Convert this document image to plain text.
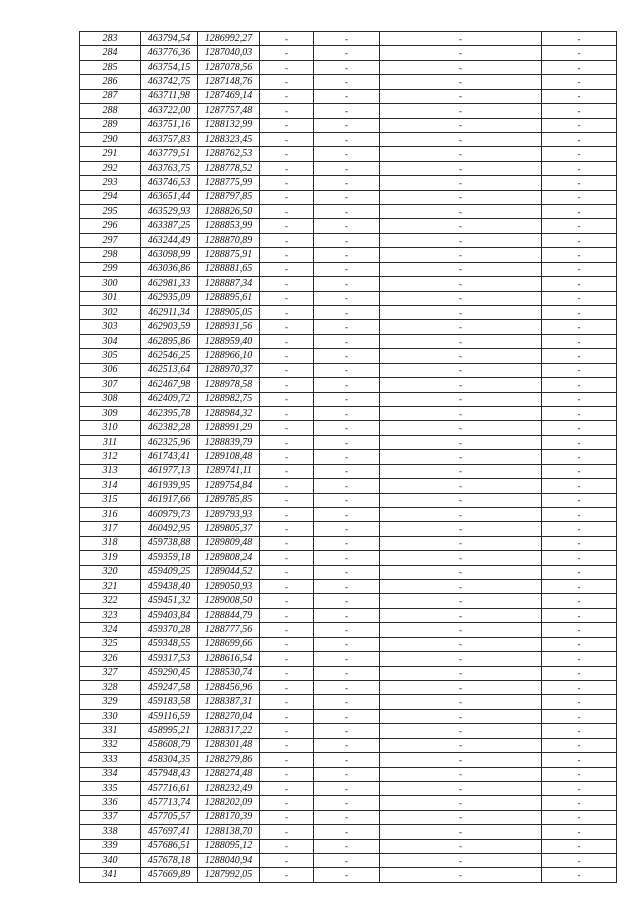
283	463794,54	1286992,27	-	-	-	-
284	463776,36	1287040,03	-	-	-	-
285	463754,15	1287078,56	-	-	-	-
286	463742,75	1287148,76	-	-	-	-
287	463711,98	1287469,14	-	-	-	-
288	463722,00	1287757,48	-	-	-	-
289	463751,16	1288132,99	-	-	-	-
290	463757,83	1288323,45	-	-	-	-
291	463779,51	1288762,53	-	-	-	-
292	463763,75	1288778,52	-	-	-	-
293	463746,53	1288775,99	-	-	-	-
294	463651,44	1288797,85	-	-	-	-
295	463529,93	1288826,50	-	-	-	-
296	463387,25	1288853,99	-	-	-	-
297	463244,49	1288870,89	-	-	-	-
298	463098,99	1288875,91	-	-	-	-
299	463036,86	1288881,65	-	-	-	-
300	462981,33	1288887,34	-	-	-	-
301	462935,09	1288895,61	-	-	-	-
302	462911,34	1288905,05	-	-	-	-
303	462903,59	1288931,56	-	-	-	-
304	462895,86	1288959,40	-	-	-	-
305	462546,25	1288966,10	-	-	-	-
306	462513,64	1288970,37	-	-	-	-
307	462467,98	1288978,58	-	-	-	-
308	462409,72	1288982,75	-	-	-	-
309	462395,78	1288984,32	-	-	-	-
310	462382,28	1288991,29	-	-	-	-
311	462325,96	1288839,79	-	-	-	-
312	461743,41	1289108,48	-	-	-	-
313	461977,13	1289741,11	-	-	-	-
314	461939,95	1289754,84	-	-	-	-
315	461917,66	1289785,85	-	-	-	-
316	460979,73	1289793,93	-	-	-	-
317	460492,95	1289805,37	-	-	-	-
318	459738,88	1289809,48	-	-	-	-
319	459359,18	1289808,24	-	-	-	-
320	459409,25	1289044,52	-	-	-	-
321	459438,40	1289050,93	-	-	-	-
322	459451,32	1289008,50	-	-	-	-
323	459403,84	1288844,79	-	-	-	-
324	459370,28	1288777,56	-	-	-	-
325	459348,55	1288699,66	-	-	-	-
326	459317,53	1288616,54	-	-	-	-
327	459290,45	1288530,74	-	-	-	-
328	459247,58	1288456,96	-	-	-	-
329	459183,58	1288387,31	-	-	-	-
330	459116,59	1288270,04	-	-	-	-
331	458995,21	1288317,22	-	-	-	-
332	458608,79	1288301,48	-	-	-	-
333	458304,35	1288279,86	-	-	-	-
334	457948,43	1288274,48	-	-	-	-
335	457716,61	1288232,49	-	-	-	-
336	457713,74	1288202,09	-	-	-	-
337	457705,57	1288170,39	-	-	-	-
338	457697,41	1288138,70	-	-	-	-
339	457686,51	1288095,12	-	-	-	-
340	457678,18	1288040,94	-	-	-	-
341	457669,89	1287992,05	-	-	-	-
